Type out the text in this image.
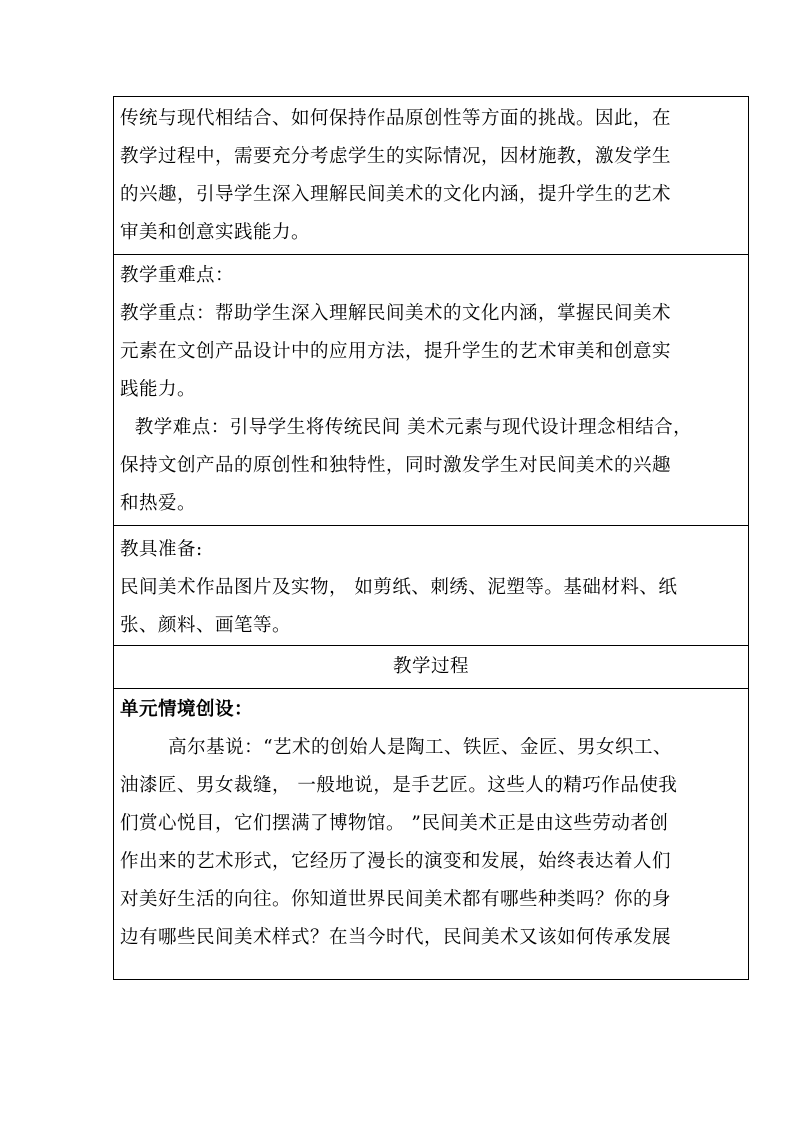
传统与现代相结合、如何保持作品原创性等方面的挑战。因此，在

教学过程中，需要充分考虑学生的实际情况，因材施教，激发学生

的兴趣，引导学生深入理解民间美术的文化内涵，提升学生的艺术

审美和创意实践能力。

教学重难点：

教学重点：帮助学生深入理解民间美术的文化内涵，掌握民间美术

元素在文创产品设计中的应用方法，提升学生的艺术审美和创意实

践能力。

教学难点：引导学生将传统民间 美术元素与现代设计理念相结合，

保持文创产品的原创性和独特性，同时激发学生对民间美术的兴趣

和热爱。

教具准备:

民间美术作品图片及实物， 如剪纸、刺绣、泥塑等。基础材料、纸

张、颜料、画笔等。

教学过程

单元情境创设：

高尔基说：“艺术的创始人是陶工、铁匠、金匠、男女织工、

油漆匠、男女裁缝， 一般地说，是手艺匠。这些人的精巧作品使我

们赏心悦目，它们摆满了博物馆。 ”民间美术正是由这些劳动者创

作出来的艺术形式，它经历了漫长的演变和发展，始终表达着人们

对美好生活的向往。你知道世界民间美术都有哪些种类吗？你的身

边有哪些民间美术样式？在当今时代，民间美术又该如何传承发展
